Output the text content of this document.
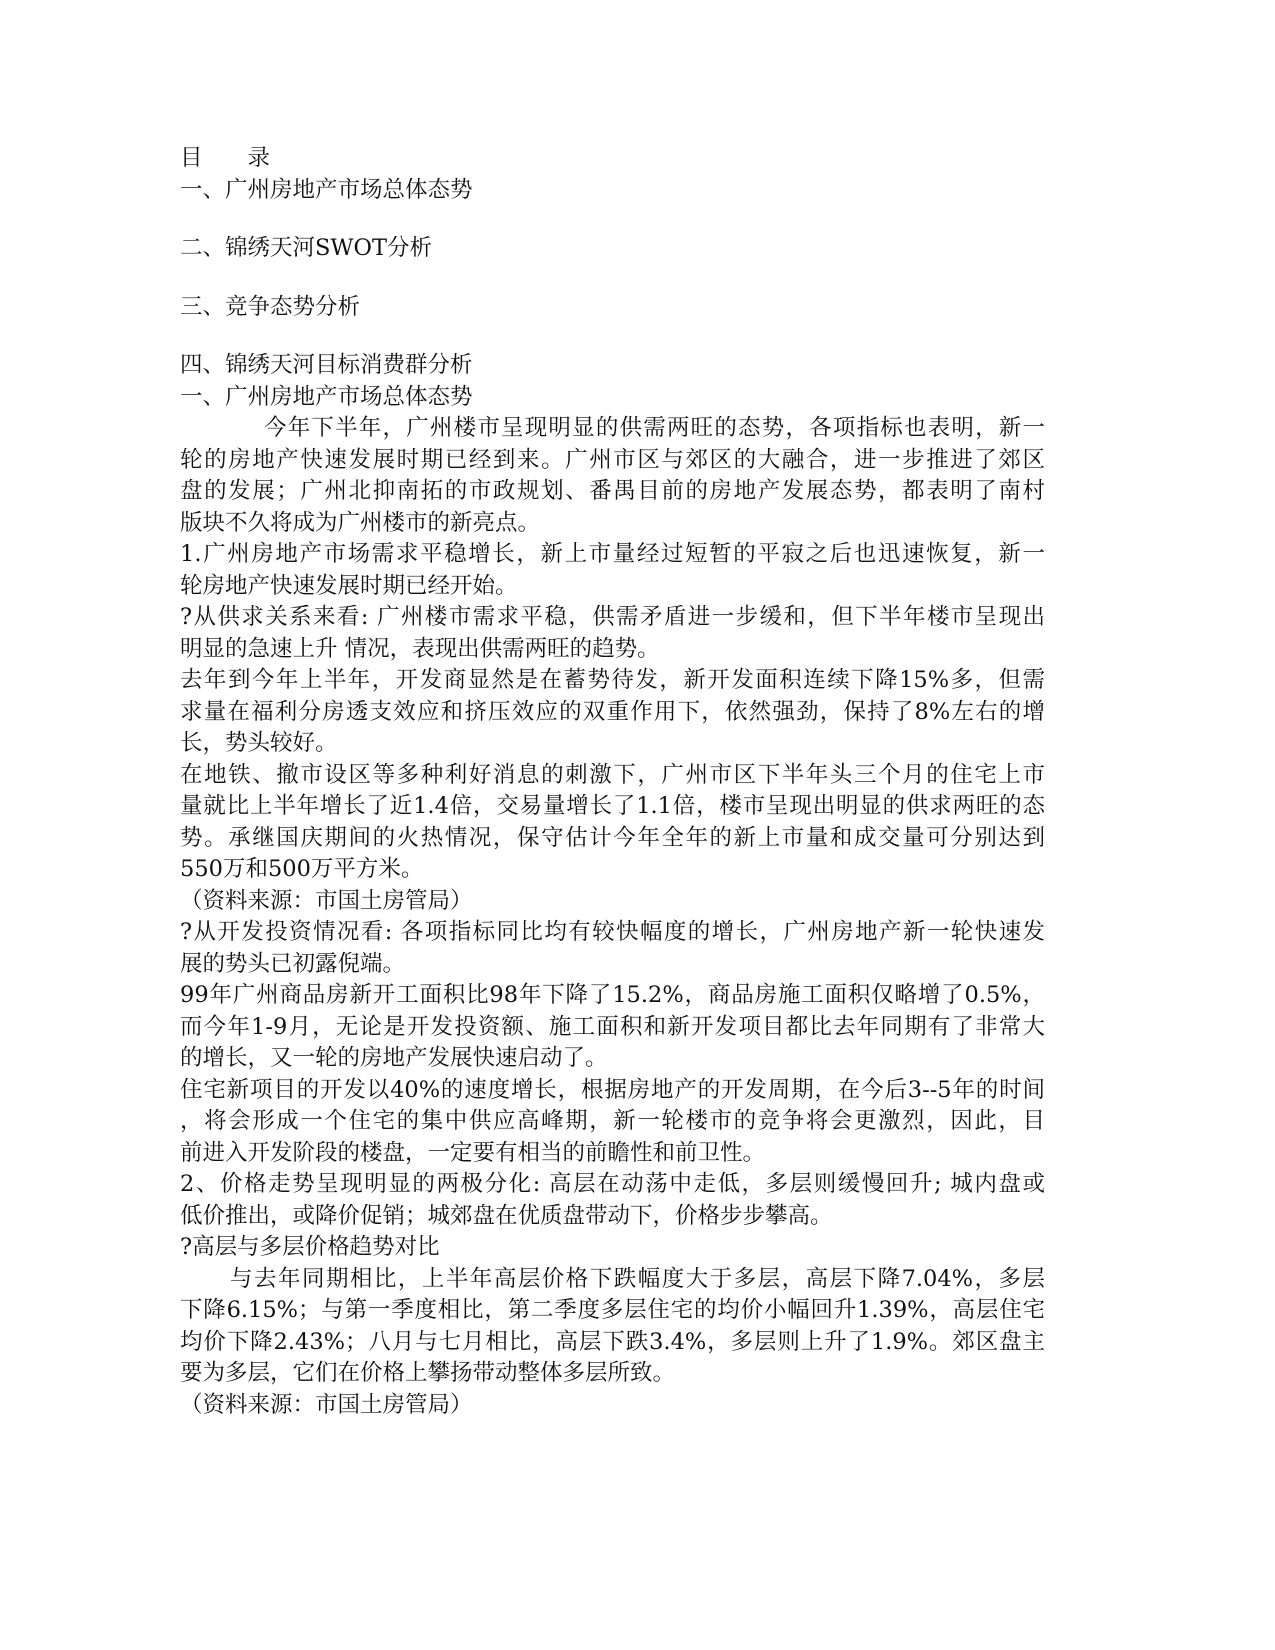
目　　录
一、广州房地产市场总体态势
二、锦绣天河SWOT分析
三、竞争态势分析
四、锦绣天河目标消费群分析
一、广州房地产市场总体态势
今年下半年，广州楼市呈现明显的供需两旺的态势，各项指标也表明，新一
轮的房地产快速发展时期已经到来。广州市区与郊区的大融合，进一步推进了郊区
盘的发展；广州北抑南拓的市政规划、番禺目前的房地产发展态势，都表明了南村
版块不久将成为广州楼市的新亮点。
1.广州房地产市场需求平稳增长，新上市量经过短暂的平寂之后也迅速恢复，新一
轮房地产快速发展时期已经开始。
?从供求关系来看: 广州楼市需求平稳，供需矛盾进一步缓和，但下半年楼市呈现出
明显的急速上升 情况，表现出供需两旺的趋势。
去年到今年上半年，开发商显然是在蓄势待发，新开发面积连续下降15%多，但需
求量在福利分房透支效应和挤压效应的双重作用下，依然强劲，保持了8%左右的增
长，势头较好。
在地铁、撤市设区等多种利好消息的刺激下，广州市区下半年头三个月的住宅上市
量就比上半年增长了近1.4倍，交易量增长了1.1倍，楼市呈现出明显的供求两旺的态
势。承继国庆期间的火热情况，保守估计今年全年的新上市量和成交量可分别达到
550万和500万平方米。
（资料来源：市国土房管局）
?从开发投资情况看: 各项指标同比均有较快幅度的增长，广州房地产新一轮快速发
展的势头已初露倪端。
99年广州商品房新开工面积比98年下降了15.2%，商品房施工面积仅略增了0.5%，
而今年1-9月，无论是开发投资额、施工面积和新开发项目都比去年同期有了非常大
的增长，又一轮的房地产发展快速启动了。
住宅新项目的开发以40%的速度增长，根据房地产的开发周期，在今后3--5年的时间
，将会形成一个住宅的集中供应高峰期，新一轮楼市的竞争将会更激烈，因此，目
前进入开发阶段的楼盘，一定要有相当的前瞻性和前卫性。
2、价格走势呈现明显的两极分化: 高层在动荡中走低，多层则缓慢回升; 城内盘或
低价推出，或降价促销；城郊盘在优质盘带动下，价格步步攀高。
?高层与多层价格趋势对比
与去年同期相比，上半年高层价格下跌幅度大于多层，高层下降7.04%，多层
下降6.15%；与第一季度相比，第二季度多层住宅的均价小幅回升1.39%，高层住宅
均价下降2.43%；八月与七月相比，高层下跌3.4%，多层则上升了1.9%。郊区盘主
要为多层，它们在价格上攀扬带动整体多层所致。
（资料来源：市国土房管局）
